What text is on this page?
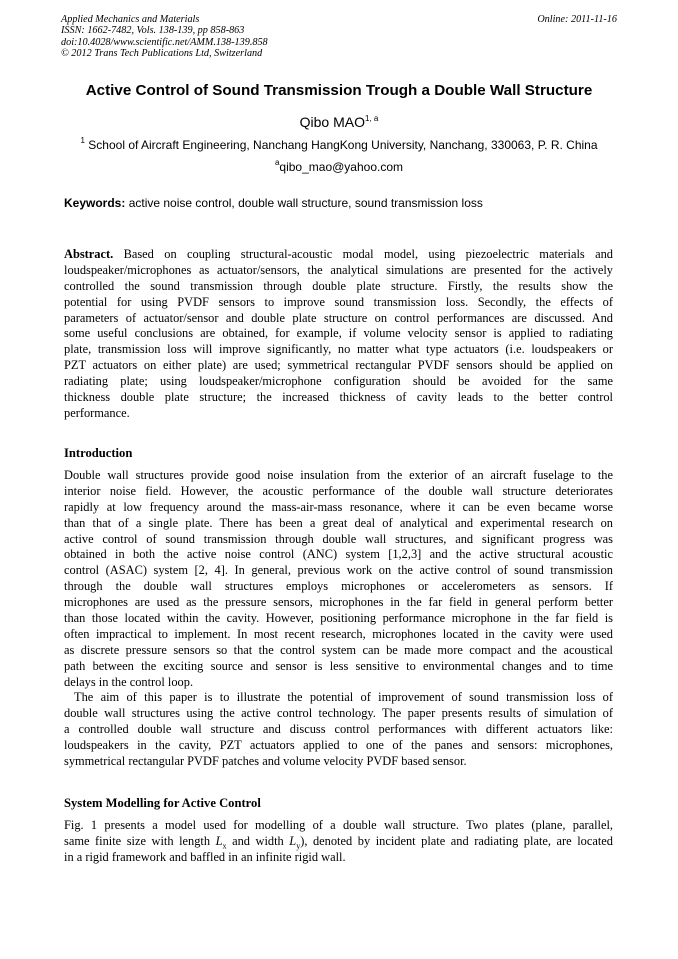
Applied Mechanics and Materials
ISSN: 1662-7482, Vols. 138-139, pp 858-863
doi:10.4028/www.scientific.net/AMM.138-139.858
© 2012 Trans Tech Publications Ltd, Switzerland
Online: 2011-11-16
Active Control of Sound Transmission Trough a Double Wall Structure
Qibo MAO$^{1, a}$
$^1$ School of Aircraft Engineering, Nanchang HangKong University, Nanchang, 330063, P. R. China
$^a$qibo_mao@yahoo.com
Keywords: active noise control, double wall structure, sound transmission loss
Abstract. Based on coupling structural-acoustic modal model, using piezoelectric materials and
loudspeaker/microphones as actuator/sensors, the analytical simulations are presented for the actively
controlled the sound transmission through double plate structure. Firstly, the results show the
potential for using PVDF sensors to improve sound transmission loss. Secondly, the effects of
parameters of actuator/sensor and double plate structure on control performances are discussed. And
some useful conclusions are obtained, for example, if volume velocity sensor is applied to radiating
plate, transmission loss will improve significantly, no matter what type actuators (i.e. loudspeakers or
PZT actuators on either plate) are used; symmetrical rectangular PVDF sensors should be applied on
radiating plate; using loudspeaker/microphone configuration should be avoided for the same
thickness double plate structure; the increased thickness of cavity leads to the better control
performance.
Introduction
Double wall structures provide good noise insulation from the exterior of an aircraft fuselage to the
interior noise field. However, the acoustic performance of the double wall structure deteriorates
rapidly at low frequency around the mass-air-mass resonance, where it can be even became worse
than that of a single plate. There has been a great deal of analytical and experimental research on
active control of sound transmission through double wall structures, and significant progress was
obtained in both the active noise control (ANC) system [1,2,3] and the active structural acoustic
control (ASAC) system [2, 4]. In general, previous work on the active control of sound transmission
through the double wall structures employs microphones or accelerometers as sensors. If
microphones are used as the pressure sensors, microphones in the far field in general perform better
than those located within the cavity. However, positioning performance microphone in the far field is
often impractical to implement. In most recent research, microphones located in the cavity were used
as discrete pressure sensors so that the control system can be made more compact and the acoustical
path between the exciting source and sensor is less sensitive to environmental changes and to time
delays in the control loop.
The aim of this paper is to illustrate the potential of improvement of sound transmission loss of
double wall structures using the active control technology. The paper presents results of simulation of
a controlled double wall structure and discuss control performances with different actuators like:
loudspeakers in the cavity, PZT actuators applied to one of the panes and sensors: microphones,
symmetrical rectangular PVDF patches and volume velocity PVDF based sensor.
System Modelling for Active Control
Fig. 1 presents a model used for modelling of a double wall structure. Two plates (plane, parallel,
same finite size with length $L_x$ and width $L_y$), denoted by incident plate and radiating plate, are located
in a rigid framework and baffled in an infinite rigid wall.
